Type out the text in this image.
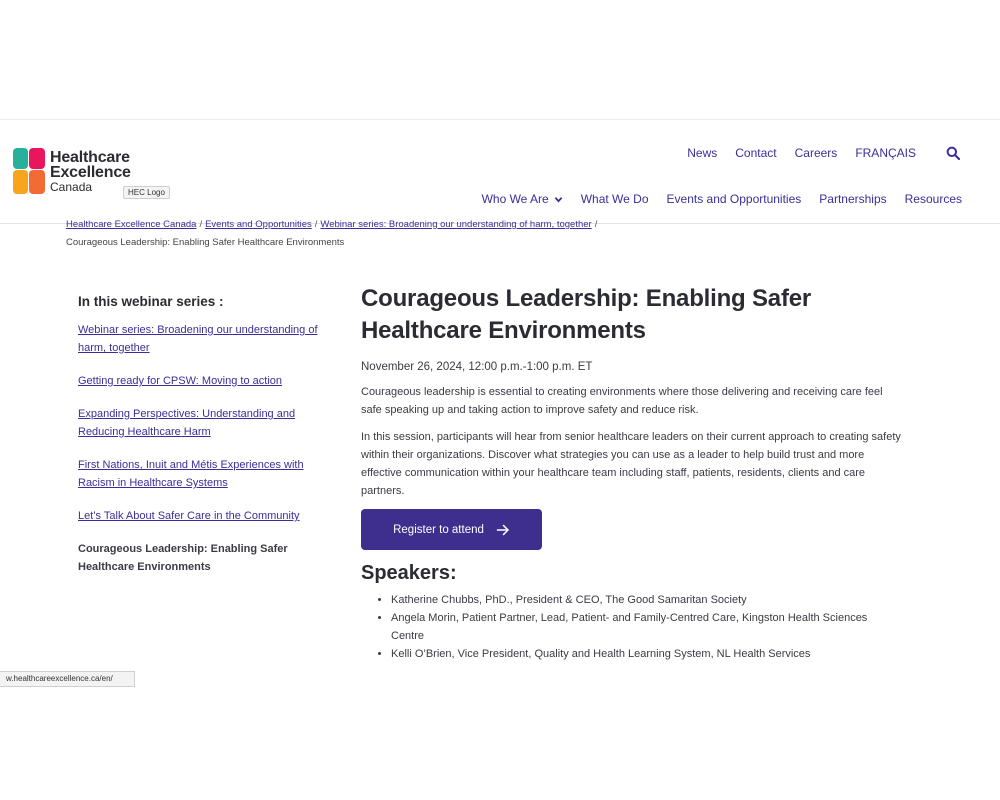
Healthcare
Excellence
Canada	HEC Logo
News Contact Careers FRANÇAIS
Who We Are	What We Do Events and Opportunities Partnerships Resources
Healthcare Excellence Canada / Events and Opportunities / Webinar series: Broadening our understanding of harm, together /
Courageous Leadership: Enabling Safer Healthcare Environments
In this webinar series :
Webinar series: Broadening our understanding of harm, together
Getting ready for CPSW: Moving to action
Expanding Perspectives: Understanding and Reducing Healthcare Harm
First Nations, Inuit and Métis Experiences with Racism in Healthcare Systems
Let’s Talk About Safer Care in the Community
Courageous Leadership: Enabling Safer Healthcare Environments
Courageous Leadership: Enabling Safer Healthcare Environments
November 26, 2024, 12:00 p.m.-1:00 p.m. ET

Courageous leadership is essential to creating environments where those delivering and receiving care feel safe speaking up and taking action to improve safety and reduce risk.

In this session, participants will hear from senior healthcare leaders on their current approach to creating safety within their organizations. Discover what strategies you can use as a leader to help build trust and more effective communication within your healthcare team including staff, patients, residents, clients and care partners.

Register to attend
Speakers:
• Katherine Chubbs, PhD., President & CEO, The Good Samaritan Society
• Angela Morin, Patient Partner, Lead, Patient- and Family-Centred Care, Kingston Health Sciences Centre
• Kelli O’Brien, Vice President, Quality and Health Learning System, NL Health Services
w.healthcareexcellence.ca/en/
